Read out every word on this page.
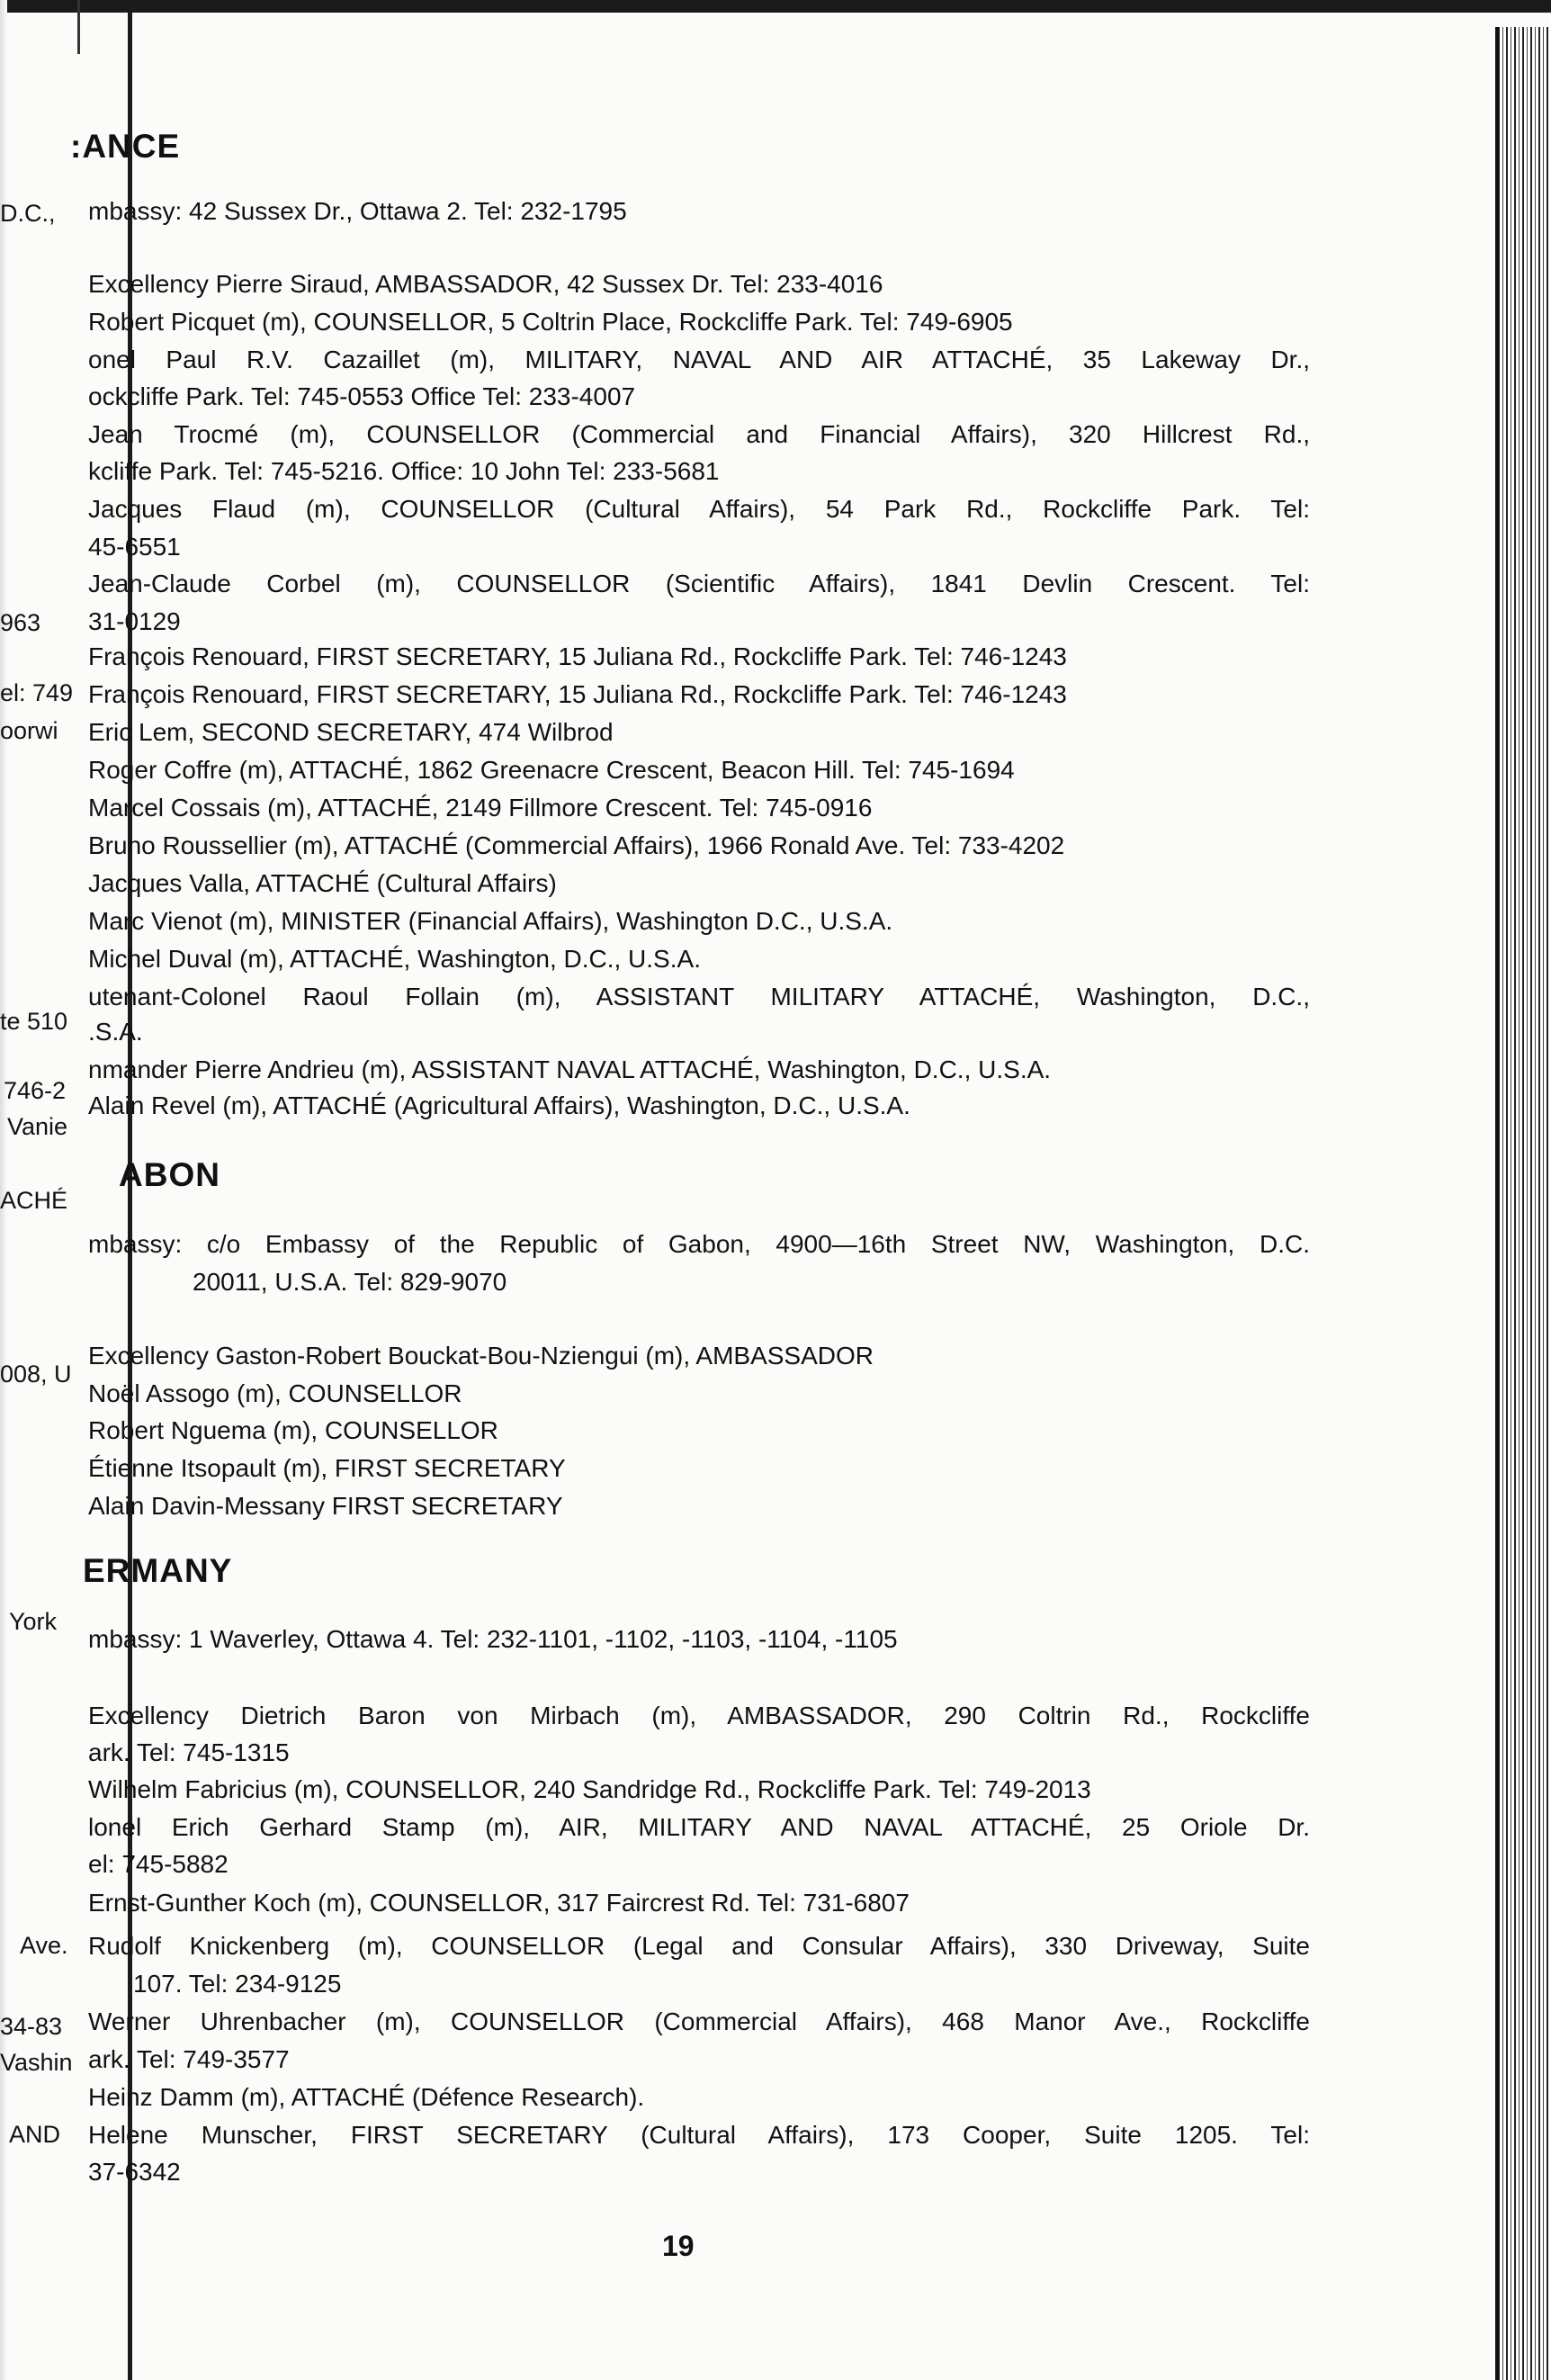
D.C.,
963
el: 749
oorwi
te 510
746-2
Vanie
ACHÉ
008, U
York
Ave.
34-83
Vashin
AND
:ANCE
mbassy: 42 Sussex Dr., Ottawa 2. Tel: 232-1795
Excellency Pierre Siraud, AMBASSADOR, 42 Sussex Dr. Tel: 233-4016
Robert Picquet (m), COUNSELLOR, 5 Coltrin Place, Rockcliffe Park. Tel: 749-6905
onel Paul R.V. Cazaillet (m), MILITARY, NAVAL AND AIR ATTACHÉ, 35 Lakeway Dr.,
ockcliffe Park. Tel: 745-0553 Office Tel: 233-4007
Jean Trocmé (m), COUNSELLOR (Commercial and Financial Affairs), 320 Hillcrest Rd.,
kcliffe Park. Tel: 745-5216. Office: 10 John Tel: 233-5681
Jacques Flaud (m), COUNSELLOR (Cultural Affairs), 54 Park Rd., Rockcliffe Park. Tel:
45-6551
Jean-Claude Corbel (m), COUNSELLOR (Scientific Affairs), 1841 Devlin Crescent. Tel:
31-0129
François Renouard, FIRST SECRETARY, 15 Juliana Rd., Rockcliffe Park. Tel: 746-1243
François Renouard, FIRST SECRETARY, 15 Juliana Rd., Rockcliffe Park. Tel: 746-1243
Eric Lem, SECOND SECRETARY, 474 Wilbrod
Roger Coffre (m), ATTACHÉ, 1862 Greenacre Crescent, Beacon Hill. Tel: 745-1694
Marcel Cossais (m), ATTACHÉ, 2149 Fillmore Crescent. Tel: 745-0916
Bruno Roussellier (m), ATTACHÉ (Commercial Affairs), 1966 Ronald Ave. Tel: 733-4202
Jacques Valla, ATTACHÉ (Cultural Affairs)
Marc Vienot (m), MINISTER (Financial Affairs), Washington D.C., U.S.A.
Michel Duval (m), ATTACHÉ, Washington, D.C., U.S.A.
utenant-Colonel Raoul Follain (m), ASSISTANT MILITARY ATTACHÉ, Washington, D.C.,
.S.A.
nmander Pierre Andrieu (m), ASSISTANT NAVAL ATTACHÉ, Washington, D.C., U.S.A.
Alain Revel (m), ATTACHÉ (Agricultural Affairs), Washington, D.C., U.S.A.
ABON
mbassy: c/o Embassy of the Republic of Gabon, 4900—16th Street NW, Washington, D.C.
20011, U.S.A. Tel: 829-9070
Excellency Gaston-Robert Bouckat-Bou-Nziengui (m), AMBASSADOR
Noël Assogo (m), COUNSELLOR
Robert Nguema (m), COUNSELLOR
Étienne Itsopault (m), FIRST SECRETARY
Alain Davin-Messany FIRST SECRETARY
ERMANY
mbassy: 1 Waverley, Ottawa 4. Tel: 232-1101, -1102, -1103, -1104, -1105
Excellency Dietrich Baron von Mirbach (m), AMBASSADOR, 290 Coltrin Rd., Rockcliffe
ark. Tel: 745-1315
Wilhelm Fabricius (m), COUNSELLOR, 240 Sandridge Rd., Rockcliffe Park. Tel: 749-2013
lonel Erich Gerhard Stamp (m), AIR, MILITARY AND NAVAL ATTACHÉ, 25 Oriole Dr.
el: 745-5882
Ernst-Gunther Koch (m), COUNSELLOR, 317 Faircrest Rd. Tel: 731-6807
Rudolf Knickenberg (m), COUNSELLOR (Legal and Consular Affairs), 330 Driveway, Suite
107. Tel: 234-9125
Werner Uhrenbacher (m), COUNSELLOR (Commercial Affairs), 468 Manor Ave., Rockcliffe
ark. Tel: 749-3577
Heinz Damm (m), ATTACHÉ (Défence Research).
Helene Munscher, FIRST SECRETARY (Cultural Affairs), 173 Cooper, Suite 1205. Tel:
37-6342
19
